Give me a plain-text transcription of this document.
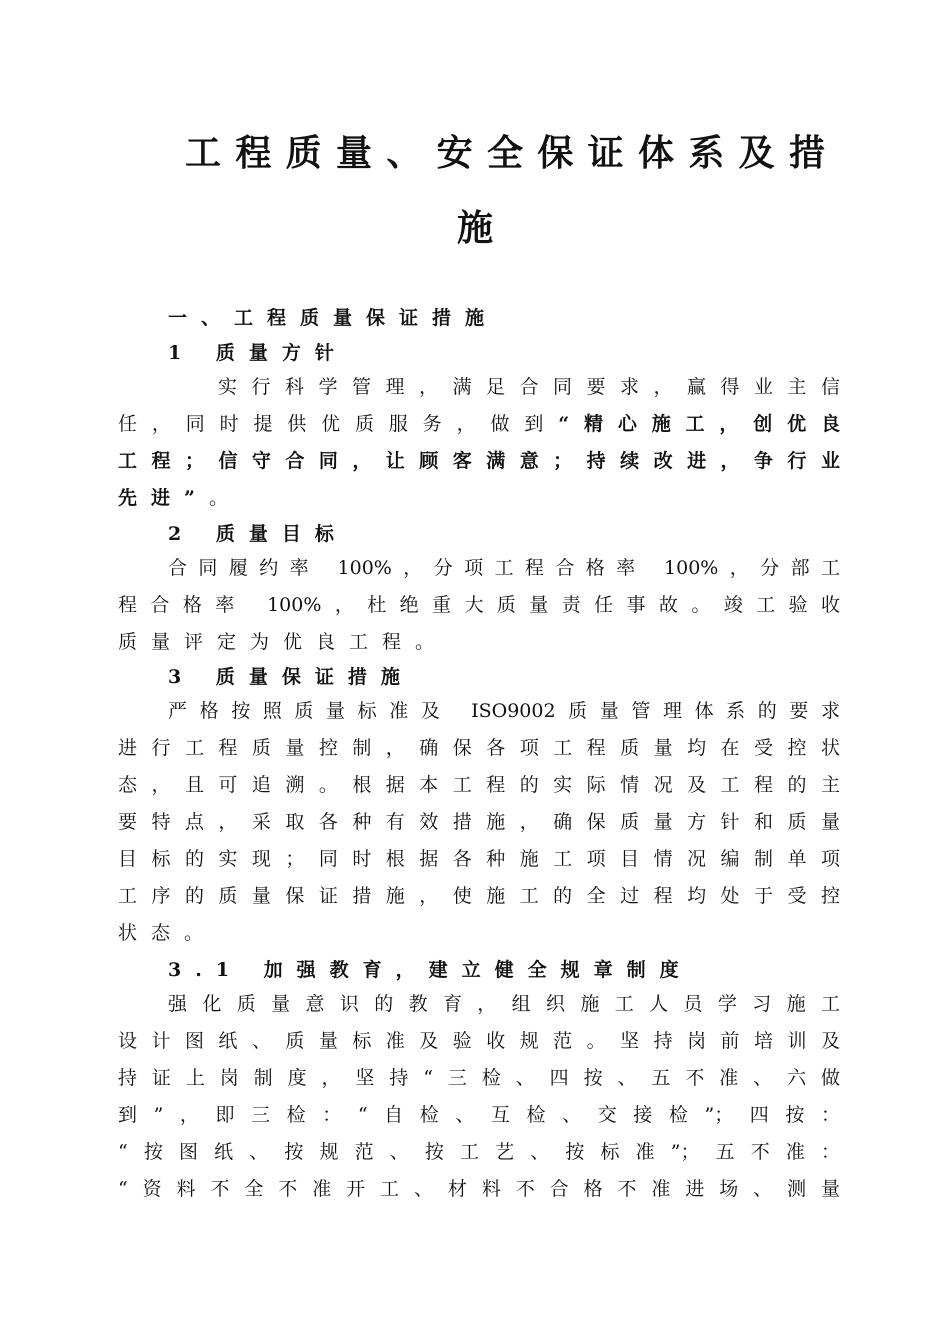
工程质量、安全保证体系及措
施
一、工程质量保证措施
1 质量方针
实行科学管理，满足合同要求，赢得业主信
任，同时提供优质服务，做到“精心施工，创优良
工程；信守合同，让顾客满意；持续改进，争行业
先进”。
2 质量目标
合同履约率 100%，分项工程合格率 100%，分部工
程合格率 100%，杜绝重大质量责任事故。竣工验收
质量评定为优良工程。
3 质量保证措施
严格按照质量标准及 ISO9002质量管理体系的要求
进行工程质量控制，确保各项工程质量均在受控状
态，且可追溯。根据本工程的实际情况及工程的主
要特点，采取各种有效措施，确保质量方针和质量
目标的实现；同时根据各种施工项目情况编制单项
工序的质量保证措施，使施工的全过程均处于受控
状态。
3.1 加强教育，建立健全规章制度
强化质量意识的教育，组织施工人员学习施工
设计图纸、质量标准及验收规范。坚持岗前培训及
持证上岗制度，坚持“三检、四按、五不准、六做
到”，即三检：“自检、互检、交接检”；四按：
“按图纸、按规范、按工艺、按标准”；五不准：
“资料不全不准开工、材料不合格不准进场、测量
